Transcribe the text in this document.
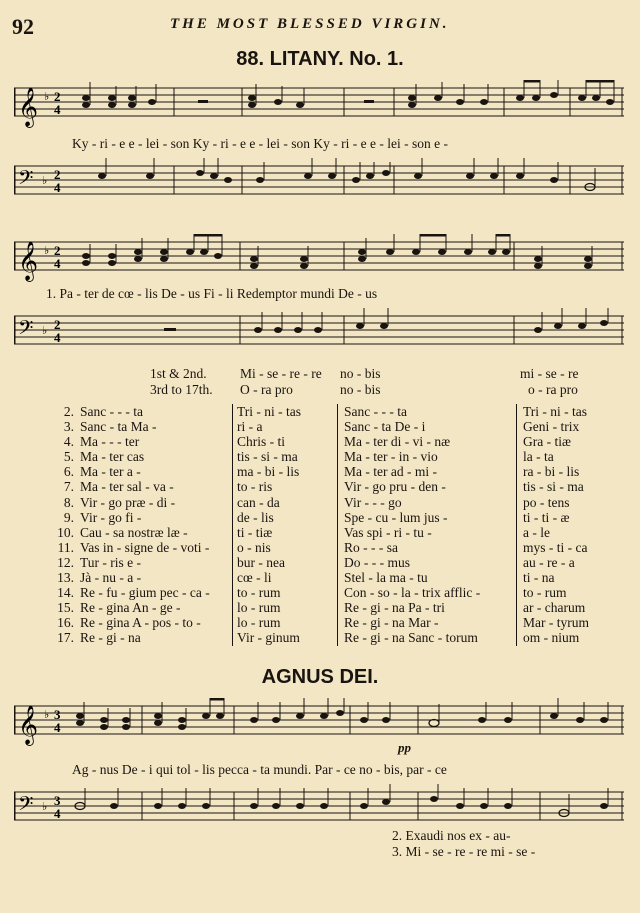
92	THE MOST BLESSED VIRGIN.
88. LITANY. No. 1.
𝄞 ♭ 2
4
Ky - ri - e e - lei - son Ky - ri - e e - lei - son Ky - ri - e e - lei - son e -
𝄢 ♭ 2
4
𝄞 ♭ 2
4
1. Pa - ter de cœ - lis De - us Fi - li Redemptor mundi De - us
𝄢 ♭ 2
4
1st & 2nd. Mi - se - re - re no - bis	mi - se - re
3rd to 17th. O - ra pro	no - bis	o - ra pro
2.	Sanc - - - ta	Tri - ni - tas	Sanc - - - ta	Tri - ni - tas
3.	Sanc - ta Ma -	ri - a	Sanc - ta De - i	Geni - trix
4.	Ma - - - ter	Chris - ti	Ma - ter di - vi - næ	Gra - tiæ
5.	Ma - ter cas	tis - si - ma	Ma - ter - in - vio	la - ta
6.	Ma - ter a -	ma - bi - lis	Ma - ter ad - mi -	ra - bi - lis
7.	Ma - ter sal - va -	to - ris	Vir - go pru - den -	tis - si - ma
8.	Vir - go præ - di -	can - da	Vir - - - go	po - tens
9.	Vir - go fi -	de - lis	Spe - cu - lum jus -	ti - ti - æ
10.	Cau - sa nostræ læ -	ti - tiæ	Vas spi - ri - tu -	a - le
11.	Vas in - signe de - voti -	o - nis	Ro - - - sa	mys - ti - ca
12.	Tur - ris e -	bur - nea	Do - - - mus	au - re - a
13.	Jà - nu - a -	cœ - li	Stel - la ma - tu	ti - na
14.	Re - fu - gium pec - ca -	to - rum	Con - so - la - trix afflic -	to - rum
15.	Re - gina An - ge -	lo - rum	Re - gi - na Pa - tri	ar - charum
16.	Re - gina A - pos - to -	lo - rum	Re - gi - na Mar -	Mar - tyrum
17.	Re - gi - na	Vir - ginum	Re - gi - na Sanc - torum	om - nium
AGNUS DEI.
𝄞 ♭ 3
4
pp
Ag - nus De - i qui tol - lis pecca - ta mundi. Par - ce no - bis, par - ce
𝄢 ♭ 3
4
2. Exaudi nos ex - au-
3. Mi - se - re - re mi - se -
